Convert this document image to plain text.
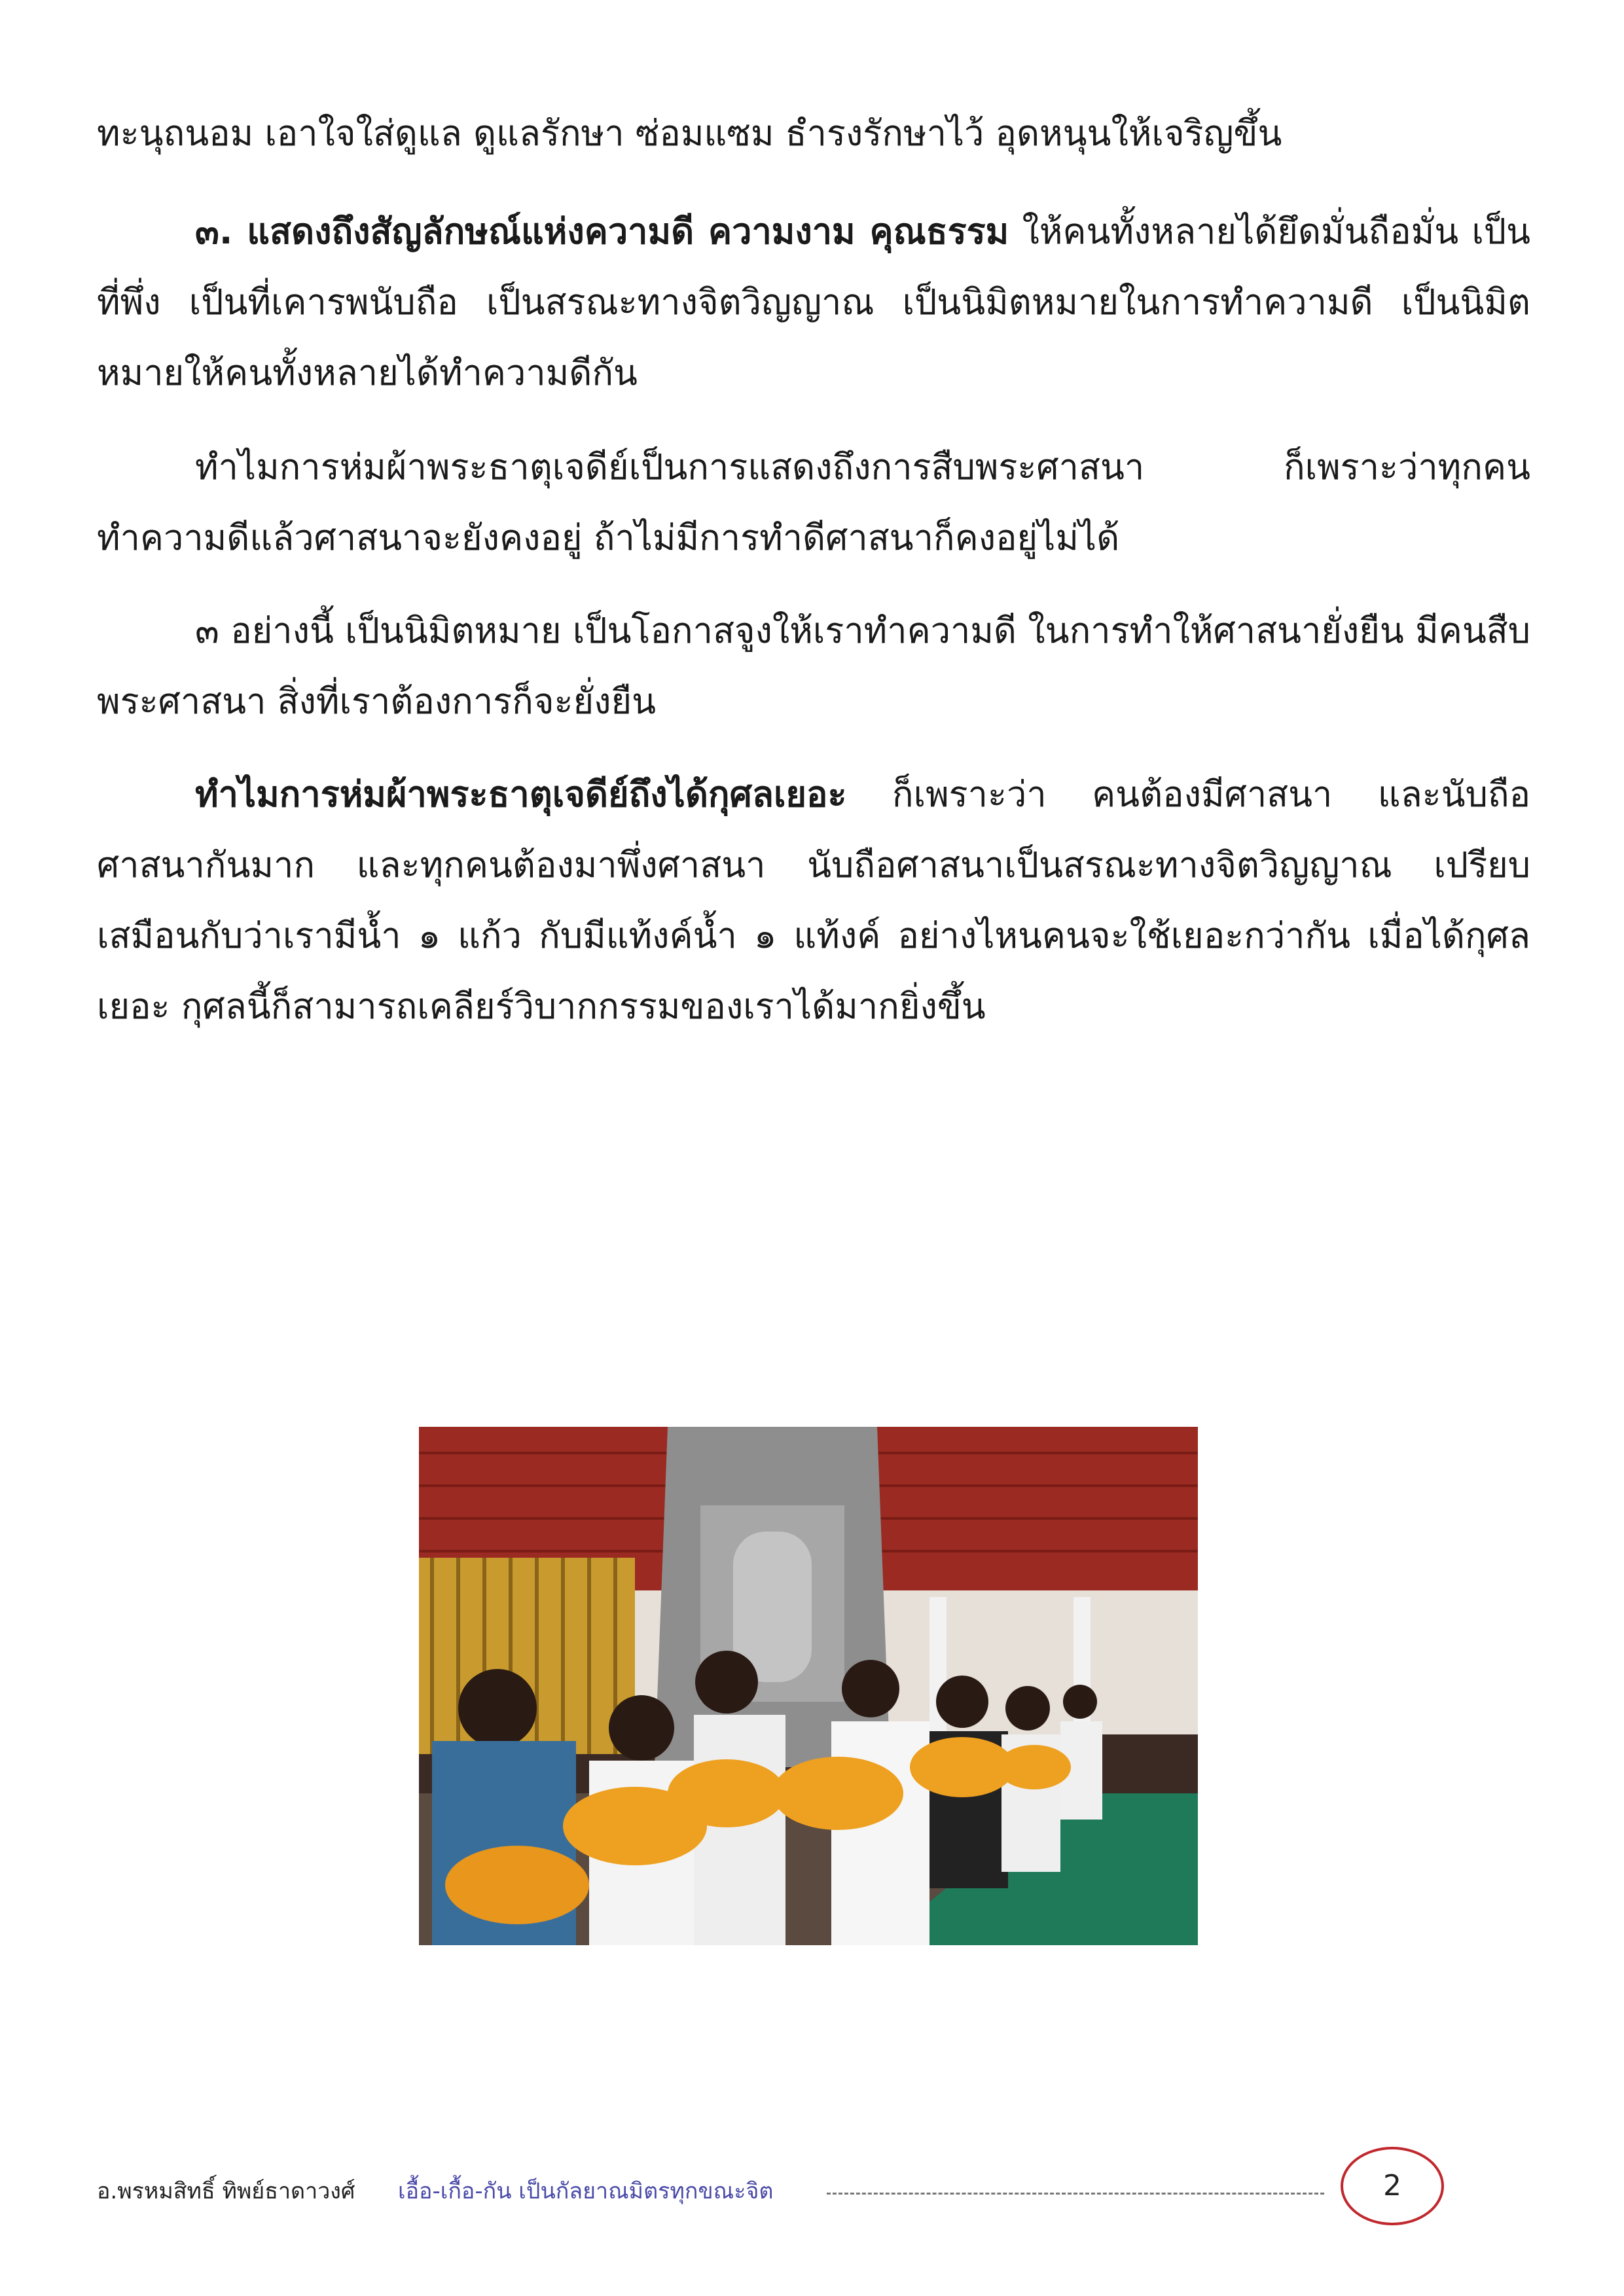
ทะนุถนอม เอาใจใส่ดูแล ดูแลรักษา ซ่อมแซม ธำรงรักษาไว้ อุดหนุนให้เจริญขึ้น

๓. แสดงถึงสัญลักษณ์แห่งความดี ความงาม คุณธรรม ให้คนทั้งหลายได้ยึดมั่นถือมั่น เป็นที่พึ่ง เป็นที่เคารพนับถือ เป็นสรณะทางจิตวิญญาณ เป็นนิมิตหมายในการทำความดี เป็นนิมิตหมายให้คนทั้งหลายได้ทำความดีกัน

ทำไมการห่มผ้าพระธาตุเจดีย์เป็นการแสดงถึงการสืบพระศาสนา ก็เพราะว่าทุกคนทำความดีแล้วศาสนาจะยังคงอยู่ ถ้าไม่มีการทำดีศาสนาก็คงอยู่ไม่ได้

๓ อย่างนี้ เป็นนิมิตหมาย เป็นโอกาสจูงให้เราทำความดี ในการทำให้ศาสนายั่งยืน มีคนสืบพระศาสนา สิ่งที่เราต้องการก็จะยั่งยืน

ทำไมการห่มผ้าพระธาตุเจดีย์ถึงได้กุศลเยอะ ก็เพราะว่า คนต้องมีศาสนา และนับถือศาสนากันมาก และทุกคนต้องมาพึ่งศาสนา นับถือศาสนาเป็นสรณะทางจิตวิญญาณ เปรียบเสมือนกับว่าเรามีน้ำ ๑ แก้ว กับมีแท้งค์น้ำ ๑ แท้งค์ อย่างไหนคนจะใช้เยอะกว่ากัน เมื่อได้กุศลเยอะ กุศลนี้ก็สามารถเคลียร์วิบากกรรมของเราได้มากยิ่งขึ้น

อ.พรหมสิทธิ์ ทิพย์ธาดาวงศ์ เอื้อ-เกื้อ-กัน เป็นกัลยาณมิตรทุกขณะจิต	2
